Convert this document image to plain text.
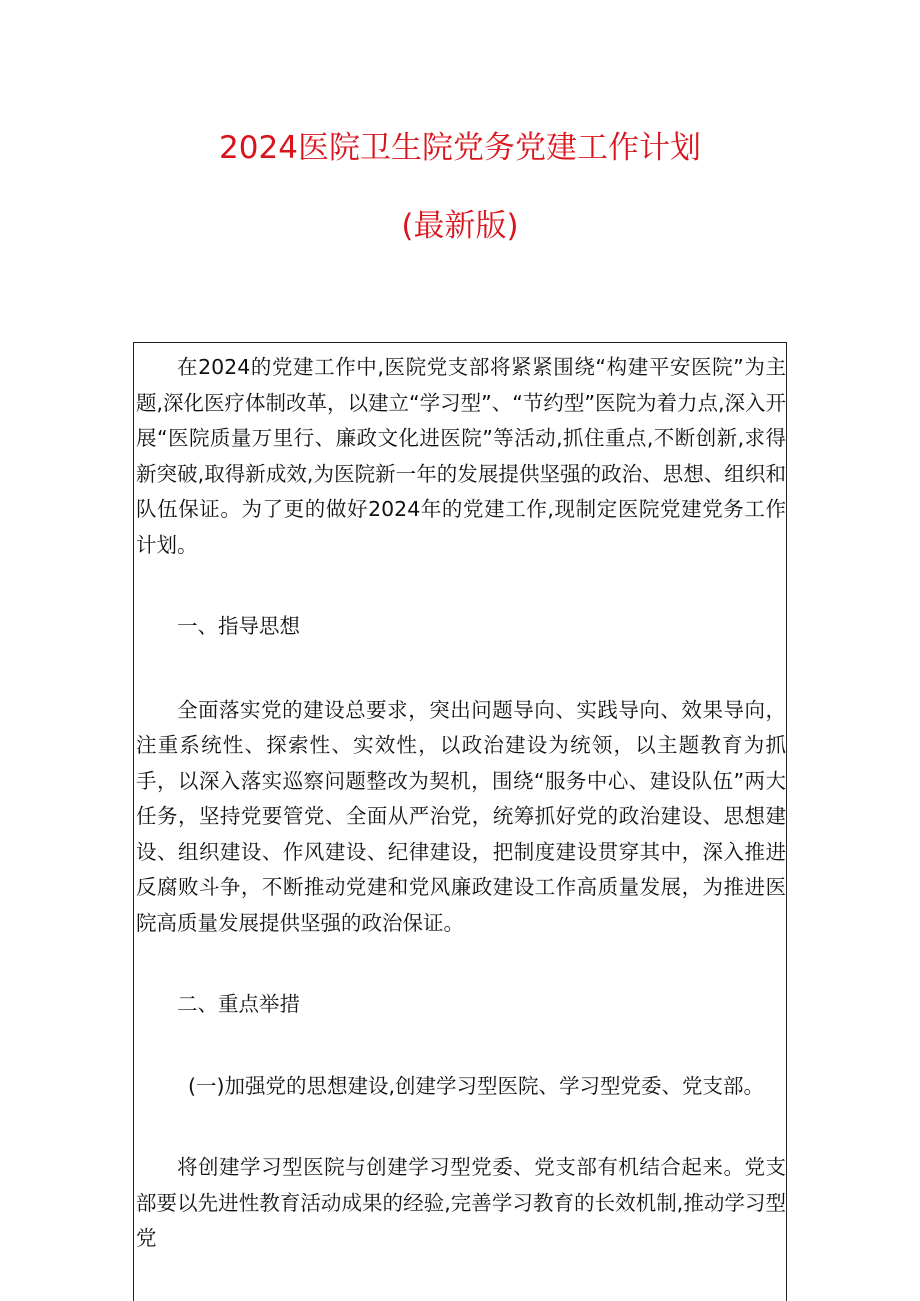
2024医院卫生院党务党建工作计划
(最新版)

在2024的党建工作中,医院党支部将紧紧围绕“构建平安医院”为主题,深化医疗体制改革，以建立“学习型”、“节约型”医院为着力点,深入开展“医院质量万里行、廉政文化进医院”等活动,抓住重点,不断创新,求得新突破,取得新成效,为医院新一年的发展提供坚强的政治、思想、组织和队伍保证。为了更的做好2024年的党建工作,现制定医院党建党务工作计划。

一、指导思想

全面落实党的建设总要求，突出问题导向、实践导向、效果导向，注重系统性、探索性、实效性，以政治建设为统领，以主题教育为抓手，以深入落实巡察问题整改为契机，围绕“服务中心、建设队伍”两大任务，坚持党要管党、全面从严治党，统筹抓好党的政治建设、思想建设、组织建设、作风建设、纪律建设，把制度建设贯穿其中，深入推进反腐败斗争，不断推动党建和党风廉政建设工作高质量发展，为推进医院高质量发展提供坚强的政治保证。

二、重点举措

(一)加强党的思想建设,创建学习型医院、学习型党委、党支部。

将创建学习型医院与创建学习型党委、党支部有机结合起来。党支部要以先进性教育活动成果的经验,完善学习教育的长效机制,推动学习型党
